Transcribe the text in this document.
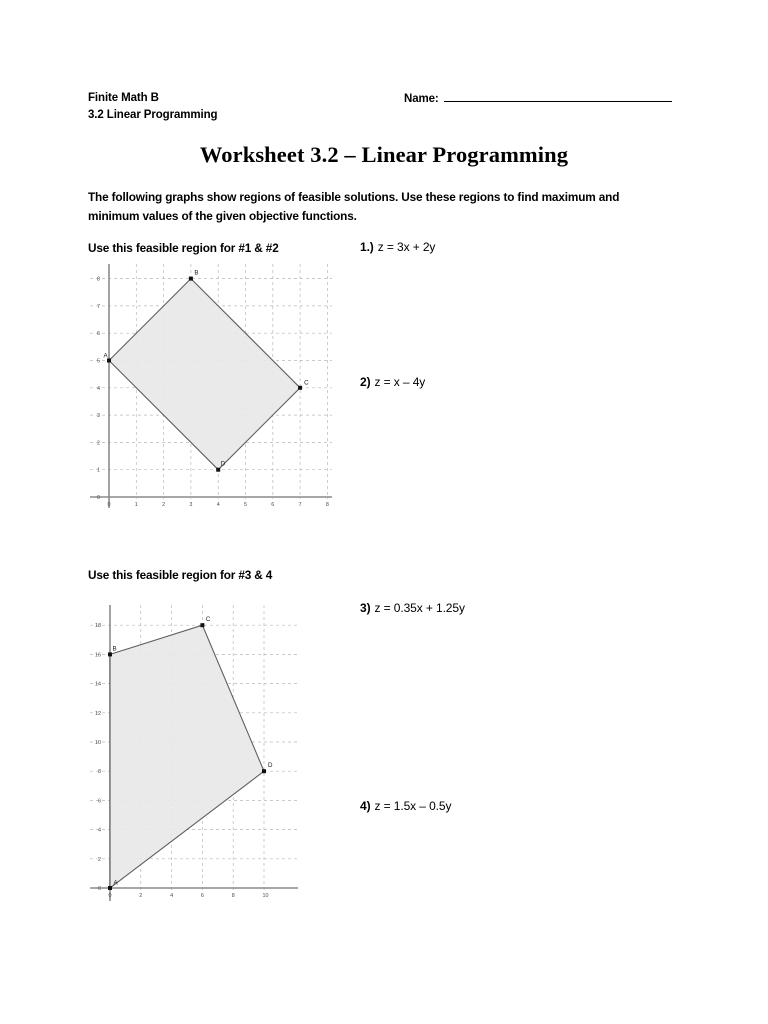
Finite Math B
3.2 Linear Programming
Name:
Worksheet 3.2 – Linear Programming
The following graphs show regions of feasible solutions. Use these regions to find maximum and minimum values of the given objective functions.
Use this feasible region for #1 & #2
Use this feasible region for #3 & 4
1.) z = 3x + 2y
2) z = x – 4y
3) z = 0.35x + 1.25y
4) z = 1.5x – 0.5y
0	1	2	3	4	5	6	7	8
0
1
2
3
4
5
6
7
8
A
B
C
D
0	2	4	6	8	10
0
2
4
6
8
10
12
14
16
18
A
B
C
D
